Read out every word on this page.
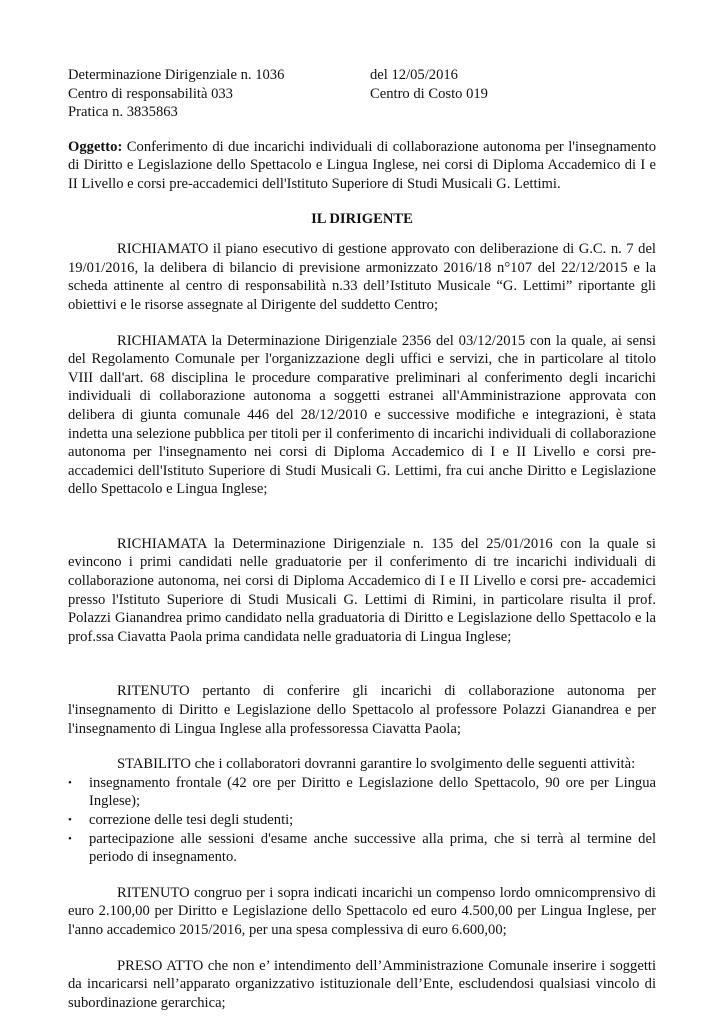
Determinazione Dirigenziale n. 1036	del 12/05/2016
Centro di responsabilità 033	Centro di Costo 019
Pratica n. 3835863
Oggetto: Conferimento di due incarichi individuali di collaborazione autonoma per l'insegnamento di Diritto e Legislazione dello Spettacolo e Lingua Inglese, nei corsi di Diploma Accademico di I e II Livello e corsi pre-accademici dell'Istituto Superiore di Studi Musicali G. Lettimi.
IL DIRIGENTE

RICHIAMATO il piano esecutivo di gestione approvato con deliberazione di G.C. n. 7 del 19/01/2016, la delibera di bilancio di previsione armonizzato 2016/18 n°107 del 22/12/2015 e la scheda attinente al centro di responsabilità n.33 dell’Istituto Musicale “G. Lettimi” riportante gli obiettivi e le risorse assegnate al Dirigente del suddetto Centro;

RICHIAMATA la Determinazione Dirigenziale 2356 del 03/12/2015 con la quale, ai sensi del Regolamento Comunale per l'organizzazione degli uffici e servizi, che in particolare al titolo VIII dall'art. 68 disciplina le procedure comparative preliminari al conferimento degli incarichi individuali di collaborazione autonoma a soggetti estranei all'Amministrazione approvata con delibera di giunta comunale 446 del 28/12/2010 e successive modifiche e integrazioni, è stata indetta una selezione pubblica per titoli per il conferimento di incarichi individuali di collaborazione autonoma per l'insegnamento nei corsi di Diploma Accademico di I e II Livello e corsi pre-accademici dell'Istituto Superiore di Studi Musicali G. Lettimi, fra cui anche Diritto e Legislazione dello Spettacolo e Lingua Inglese;

RICHIAMATA la Determinazione Dirigenziale n. 135 del 25/01/2016 con la quale si evincono i primi candidati nelle graduatorie per il conferimento di tre incarichi individuali di collaborazione autonoma, nei corsi di Diploma Accademico di I e II Livello e corsi pre- accademici presso l'Istituto Superiore di Studi Musicali G. Lettimi di Rimini, in particolare risulta il prof. Polazzi Gianandrea primo candidato nella graduatoria di Diritto e Legislazione dello Spettacolo e la prof.ssa Ciavatta Paola prima candidata nelle graduatoria di Lingua Inglese;

RITENUTO pertanto di conferire gli incarichi di collaborazione autonoma per l'insegnamento di Diritto e Legislazione dello Spettacolo al professore Polazzi Gianandrea e per l'insegnamento di Lingua Inglese alla professoressa Ciavatta Paola;

STABILITO che i collaboratori dovranni garantire lo svolgimento delle seguenti attività:

• insegnamento frontale (42 ore per Diritto e Legislazione dello Spettacolo, 90 ore per Lingua Inglese);
• correzione delle tesi degli studenti;
• partecipazione alle sessioni d'esame anche successive alla prima, che si terrà al termine del periodo di insegnamento.

RITENUTO congruo per i sopra indicati incarichi un compenso lordo omnicomprensivo di euro 2.100,00 per Diritto e Legislazione dello Spettacolo ed euro 4.500,00 per Lingua Inglese, per l'anno accademico 2015/2016, per una spesa complessiva di euro 6.600,00;

PRESO ATTO che non e’ intendimento dell’Amministrazione Comunale inserire i soggetti da incaricarsi nell’apparato organizzativo istituzionale dell’Ente, escludendosi qualsiasi vincolo di subordinazione gerarchica;
